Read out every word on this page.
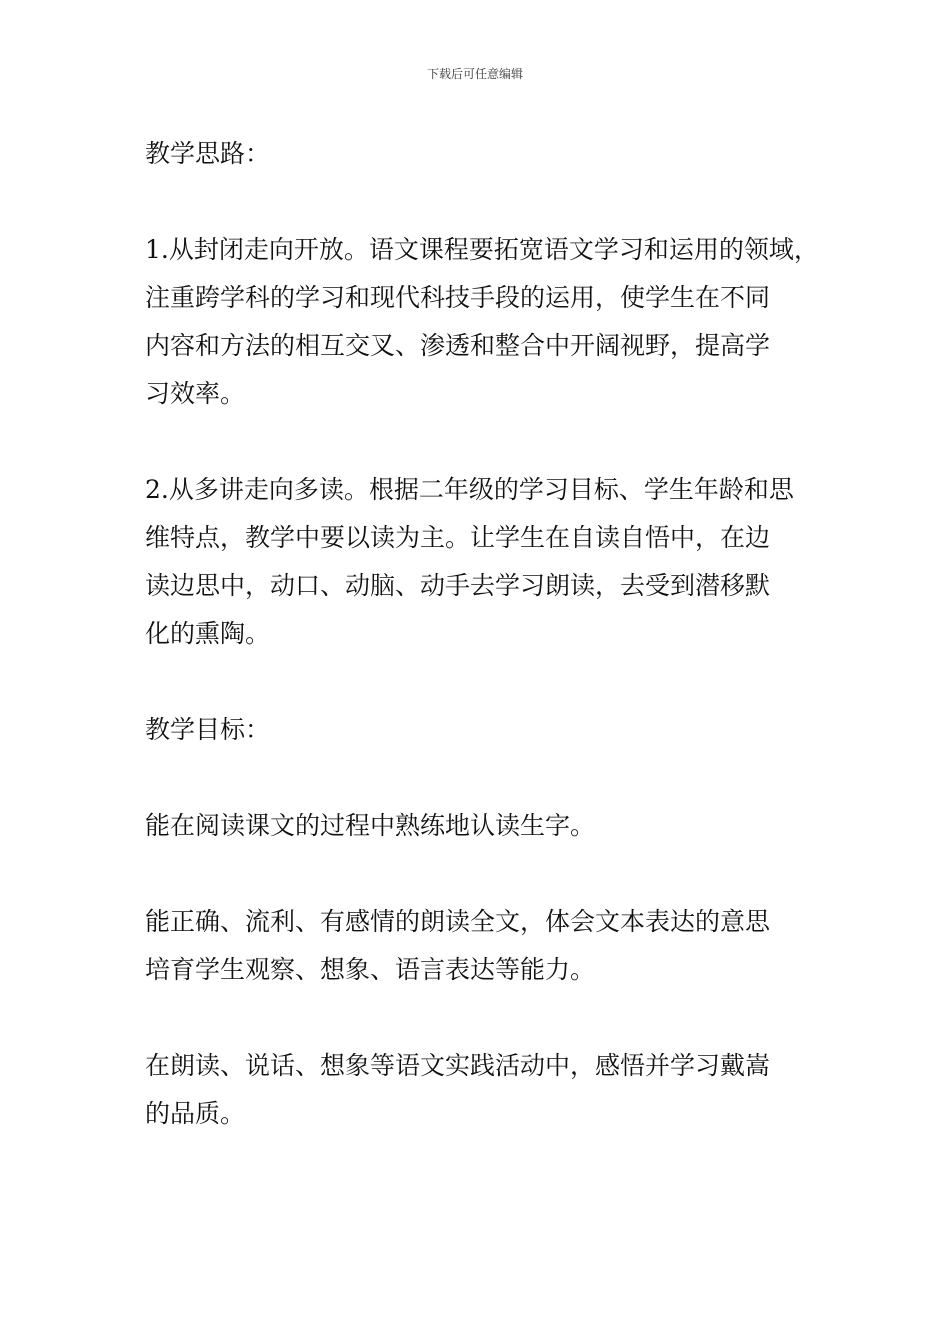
下载后可任意编辑

教学思路：

1.从封闭走向开放。语文课程要拓宽语文学习和运用的领域，
注重跨学科的学习和现代科技手段的运用，使学生在不同
内容和方法的相互交叉、渗透和整合中开阔视野，提高学
习效率。
2.从多讲走向多读。根据二年级的学习目标、学生年龄和思
维特点，教学中要以读为主。让学生在自读自悟中，在边
读边思中，动口、动脑、动手去学习朗读，去受到潜移默
化的熏陶。

教学目标：

能在阅读课文的过程中熟练地认读生字。

能正确、流利、有感情的朗读全文，体会文本表达的意思
培育学生观察、想象、语言表达等能力。
在朗读、说话、想象等语文实践活动中，感悟并学习戴嵩
的品质。
